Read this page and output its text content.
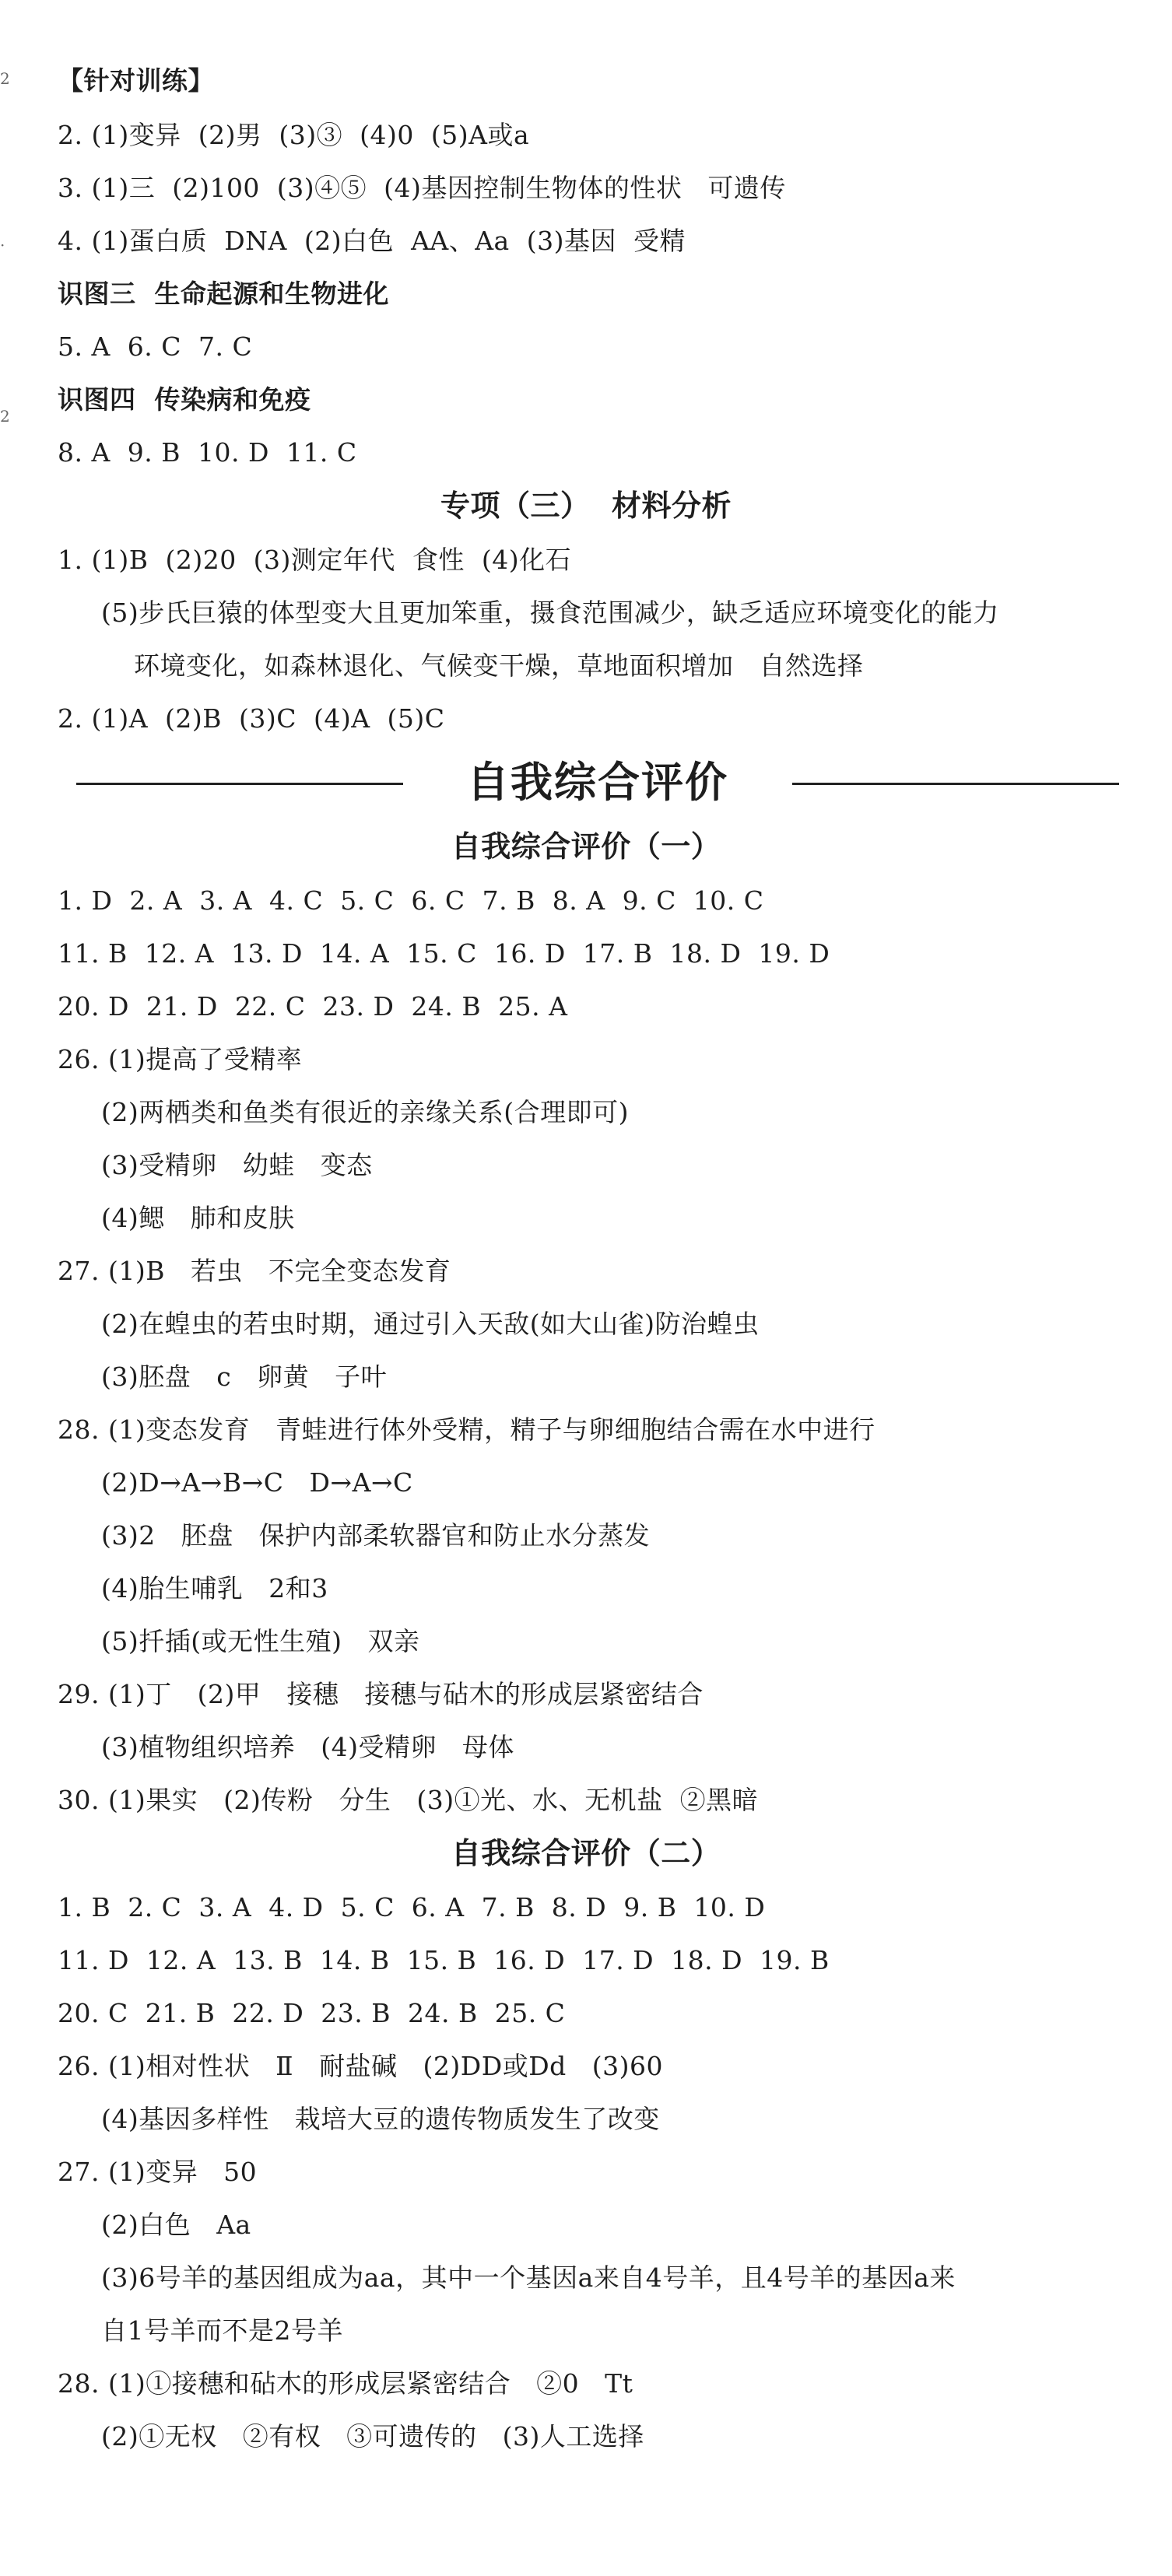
自我综合评价
【针对训练】
2. (1)变异  (2)男  (3)③  (4)0  (5)A或a
3. (1)三  (2)100  (3)④⑤  (4)基因控制生物体的性状   可遗传
4. (1)蛋白质  DNA  (2)白色  AA、Aa  (3)基因  受精
识图三  生命起源和生物进化
5. A  6. C  7. C
识图四  传染病和免疫
8. A  9. B  10. D  11. C
专项（三）  材料分析
1. (1)B  (2)20  (3)测定年代  食性  (4)化石
(5)步氏巨猿的体型变大且更加笨重，摄食范围减少，缺乏适应环境变化的能力
环境变化，如森林退化、气候变干燥，草地面积增加   自然选择
2. (1)A  (2)B  (3)C  (4)A  (5)C
自我综合评价（一）
1. D  2. A  3. A  4. C  5. C  6. C  7. B  8. A  9. C  10. C
11. B  12. A  13. D  14. A  15. C  16. D  17. B  18. D  19. D
20. D  21. D  22. C  23. D  24. B  25. A
26. (1)提高了受精率
(2)两栖类和鱼类有很近的亲缘关系(合理即可)
(3)受精卵   幼蛙   变态
(4)鳃   肺和皮肤
27. (1)B   若虫   不完全变态发育
(2)在蝗虫的若虫时期，通过引入天敌(如大山雀)防治蝗虫
(3)胚盘   c   卵黄   子叶
28. (1)变态发育   青蛙进行体外受精，精子与卵细胞结合需在水中进行
(2)D→A→B→C   D→A→C
(3)2   胚盘   保护内部柔软器官和防止水分蒸发
(4)胎生哺乳   2和3
(5)扦插(或无性生殖)   双亲
29. (1)丁   (2)甲   接穗   接穗与砧木的形成层紧密结合
(3)植物组织培养   (4)受精卵   母体
30. (1)果实   (2)传粉   分生   (3)①光、水、无机盐  ②黑暗
自我综合评价（二）
1. B  2. C  3. A  4. D  5. C  6. A  7. B  8. D  9. B  10. D
11. D  12. A  13. B  14. B  15. B  16. D  17. D  18. D  19. B
20. C  21. B  22. D  23. B  24. B  25. C
26. (1)相对性状   Ⅱ   耐盐碱   (2)DD或Dd   (3)60
(4)基因多样性   栽培大豆的遗传物质发生了改变
27. (1)变异   50
(2)白色   Aa
(3)6号羊的基因组成为aa，其中一个基因a来自4号羊，且4号羊的基因a来
自1号羊而不是2号羊
28. (1)①接穗和砧木的形成层紧密结合   ②0   Tt
(2)①无权   ②有权   ③可遗传的   (3)人工选择
2
·
2
